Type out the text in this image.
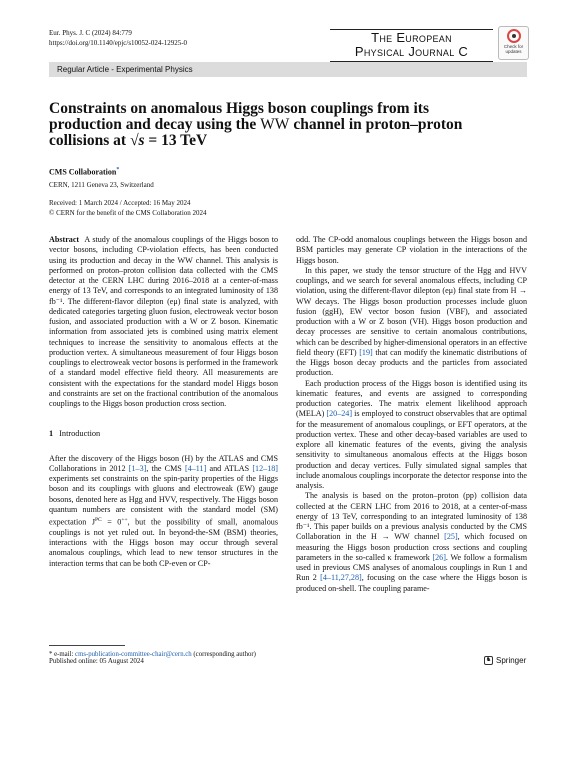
Eur. Phys. J. C (2024) 84:779
https://doi.org/10.1140/epjc/s10052-024-12925-0	The European
Physical Journal C	Check for
updates
Regular Article - Experimental Physics
Constraints on anomalous Higgs boson couplings from its production and decay using the WW channel in proton–proton collisions at √s = 13 TeV
CMS Collaboration*
CERN, 1211 Geneva 23, Switzerland
Received: 1 March 2024 / Accepted: 16 May 2024
© CERN for the benefit of the CMS Collaboration 2024

Abstract A study of the anomalous couplings of the Higgs boson to vector bosons, including CP-violation effects, has been conducted using its production and decay in the WW channel. This analysis is performed on proton–proton collision data collected with the CMS detector at the CERN LHC during 2016–2018 at a center-of-mass energy of 13 TeV, and corresponds to an integrated luminosity of 138 fb⁻¹. The different-flavor dilepton (eμ) final state is analyzed, with dedicated categories targeting gluon fusion, electroweak vector boson fusion, and associated production with a W or Z boson. Kinematic information from associated jets is combined using matrix element techniques to increase the sensitivity to anomalous effects at the production vertex. A simultaneous measurement of four Higgs boson couplings to electroweak vector bosons is performed in the framework of a standard model effective field theory. All measurements are consistent with the expectations for the standard model Higgs boson and constraints are set on the fractional contribution of the anomalous couplings to the Higgs boson production cross section.

1 Introduction

After the discovery of the Higgs boson (H) by the ATLAS and CMS Collaborations in 2012 [1–3], the CMS [4–11] and ATLAS [12–18] experiments set constraints on the spin-parity properties of the Higgs boson and its couplings with gluons and electroweak (EW) gauge bosons, denoted here as Hgg and HVV, respectively. The Higgs boson quantum numbers are consistent with the standard model (SM) expectation $J^{PC} = 0^{++}$, but the possibility of small, anomalous couplings is not yet ruled out. In beyond-the-SM (BSM) theories, interactions with the Higgs boson may occur through several anomalous couplings, which lead to new tensor structures in the interaction terms that can be both CP-even or CP-

* e-mail: cms-publication-committee-chair@cern.ch (corresponding author)

odd. The CP-odd anomalous couplings between the Higgs boson and BSM particles may generate CP violation in the interactions of the Higgs boson.

In this paper, we study the tensor structure of the Hgg and HVV couplings, and we search for several anomalous effects, including CP violation, using the different-flavor dilepton (eμ) final state from H → WW decays. The Higgs boson production processes include gluon fusion (ggH), EW vector boson fusion (VBF), and associated production with a W or Z boson (VH). Higgs boson production and decay processes are sensitive to certain anomalous contributions, which can be described by higher-dimensional operators in an effective field theory (EFT) [19] that can modify the kinematic distributions of the Higgs boson decay products and the particles from associated production.

Each production process of the Higgs boson is identified using its kinematic features, and events are assigned to corresponding production categories. The matrix element likelihood approach (MELA) [20–24] is employed to construct observables that are optimal for the measurement of anomalous couplings, or EFT operators, at the production vertex. These and other decay-based variables are used to explore all kinematic features of the events, giving the analysis sensitivity to simultaneous anomalous effects at the Higgs boson production and decay vertices. Fully simulated signal samples that include anomalous couplings incorporate the detector response into the analysis.

The analysis is based on the proton–proton (pp) collision data collected at the CERN LHC from 2016 to 2018, at a center-of-mass energy of 13 TeV, corresponding to an integrated luminosity of 138 fb⁻¹. This paper builds on a previous analysis conducted by the CMS Collaboration in the H → WW channel [25], which focused on measuring the Higgs boson production cross sections and coupling parameters in the so-called κ framework [26]. We follow a formalism used in previous CMS analyses of anomalous couplings in Run 1 and Run 2 [4–11,27,28], focusing on the case where the Higgs boson is produced on-shell. The coupling parame-

Published online: 05 August 2024	♞ Springer
